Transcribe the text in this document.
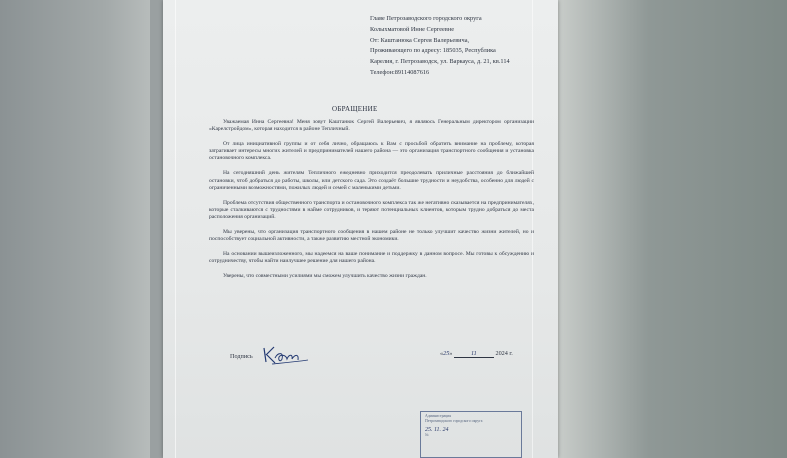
Главе Петрозаводского городского округа
Колыхматовой Инне Сергеевне
От: Каштанюка Сергея Валерьевича,
Проживающего по адресу: 185035, Республика
Карелия, г. Петрозаводск, ул. Варкауса, д. 21, кв.114
Телефон:89114087616
ОБРАЩЕНИЕ

Уважаемая Инна Сергеевна! Меня зовут Каштанюк Сергей Валерьевич, я являюсь Генеральным директором организации «Карелстройдом», которая находится в районе Тепличный.

От лица инициативной группы и от себя лично, обращаюсь к Вам с просьбой обратить внимание на проблему, которая затрагивает интересы многих жителей и предпринимателей нашего района — это организация транспортного сообщения и установка остановочного комплекса.

На сегодняшний день жителям Тепличного ежедневно приходится преодолевать приличные расстояния до ближайшей остановки, чтоб добраться до работы, школы, или детского сада. Это создаёт большие трудности и неудобства, особенно для людей с ограниченными возможностями, пожилых людей и семей с маленькими детьми.

Проблема отсутствия общественного транспорта и остановочного комплекса так же негативно сказывается на предпринимателях, которые сталкиваются с трудностями в найме сотрудников, и теряют потенциальных клиентов, которым трудно добраться до места расположения организаций.

Мы уверены, что организация транспортного сообщения в нашем районе не только улучшит качество жизни жителей, но и поспособствует социальной активности, а также развитию местной экономики.

На основании вышеизложенного, мы надеемся на ваше понимание и поддержку в данном вопросе. Мы готовы к обсуждению и сотрудничеству, чтобы найти наилучшее решение для нашего района.

Уверены, что совместными усилиями мы сможем улучшить качество жизни граждан.

Подпись	«25»	11	2024 г.
Администрация
Петрозаводского городского округа
25. 11. 24
№
